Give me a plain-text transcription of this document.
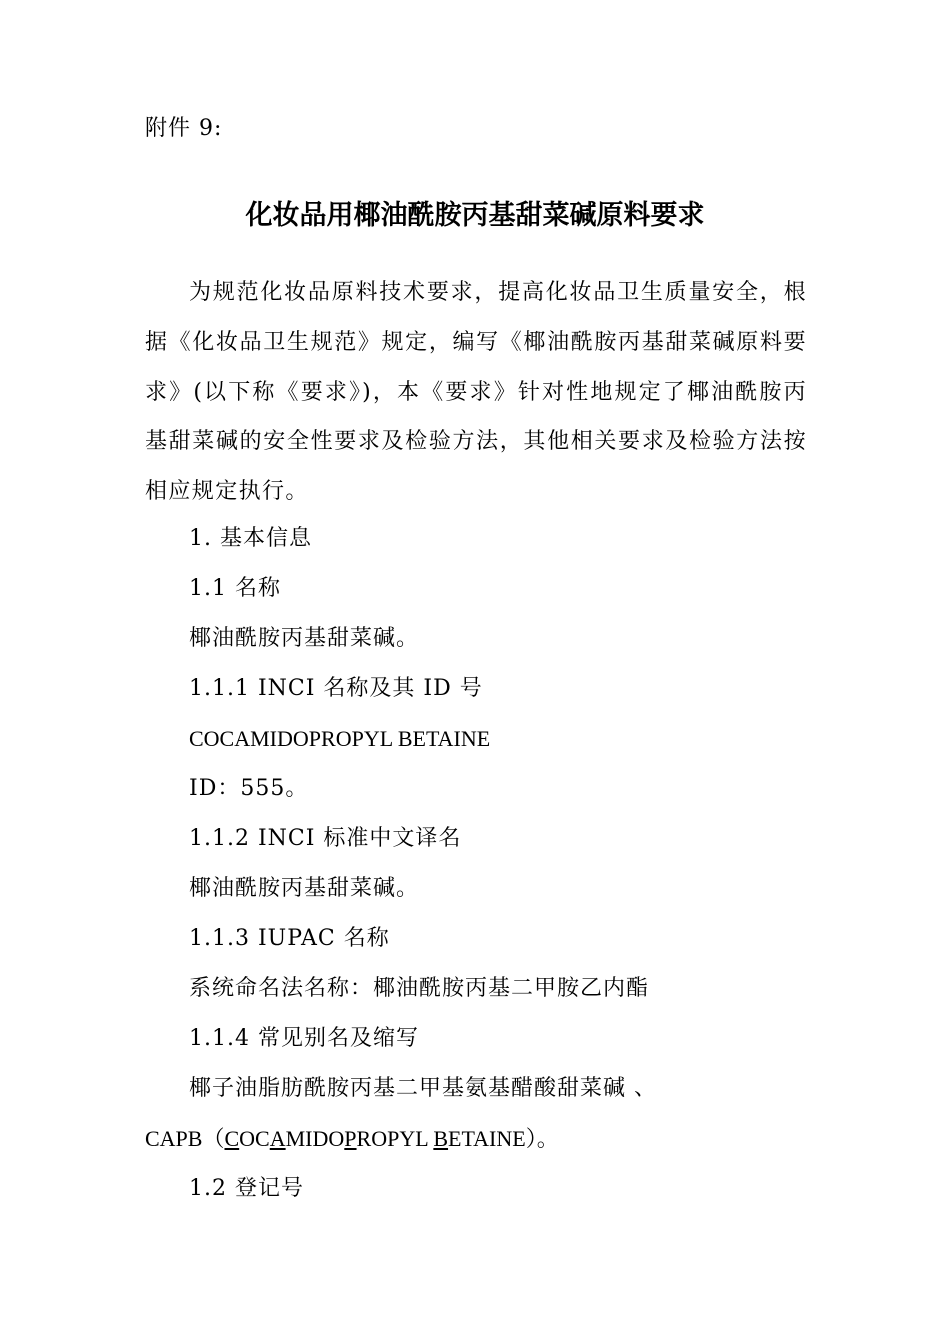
附件 9:
化妆品用椰油酰胺丙基甜菜碱原料要求

为规范化妆品原料技术要求，提高化妆品卫生质量安全，根据《化妆品卫生规范》规定，编写《椰油酰胺丙基甜菜碱原料要求》(以下称《要求》)，本《要求》针对性地规定了椰油酰胺丙基甜菜碱的安全性要求及检验方法，其他相关要求及检验方法按相应规定执行。

1. 基本信息
1.1 名称
椰油酰胺丙基甜菜碱。
1.1.1 INCI 名称及其 ID 号
COCAMIDOPROPYL BETAINE
ID：555。
1.1.2 INCI 标准中文译名
椰油酰胺丙基甜菜碱。
1.1.3 IUPAC 名称
系统命名法名称：椰油酰胺丙基二甲胺乙内酯
1.1.4 常见别名及缩写
椰子油脂肪酰胺丙基二甲基氨基醋酸甜菜碱 、
CAPB（COCAMIDOPROPYL BETAINE）。
1.2 登记号
